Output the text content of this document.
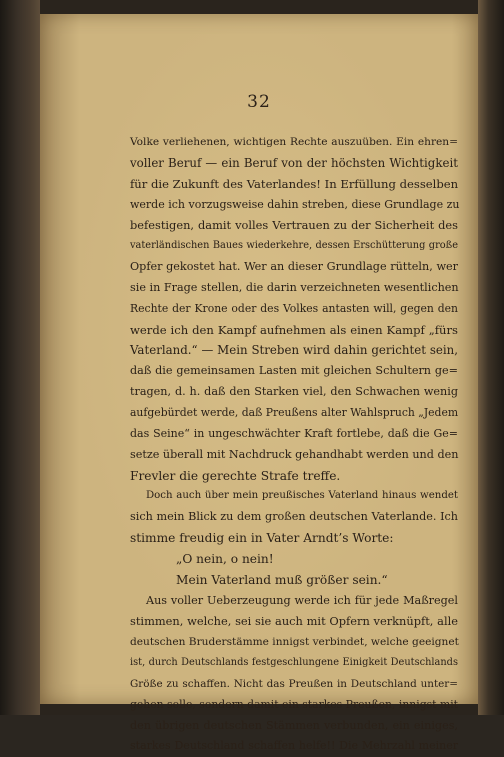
32
Volke verliehenen, wichtigen Rechte auszuüben. Ein ehren=
voller Beruf — ein Beruf von der höchsten Wichtigkeit
für die Zukunft des Vaterlandes! In Erfüllung desselben
werde ich vorzugsweise dahin streben, diese Grundlage zu
befestigen, damit volles Vertrauen zu der Sicherheit des
vaterländischen Baues wiederkehre, dessen Erschütterung große
Opfer gekostet hat. Wer an dieser Grundlage rütteln, wer
sie in Frage stellen, die darin verzeichneten wesentlichen
Rechte der Krone oder des Volkes antasten will, gegen den
werde ich den Kampf aufnehmen als einen Kampf „fürs
Vaterland.“ — Mein Streben wird dahin gerichtet sein,
daß die gemeinsamen Lasten mit gleichen Schultern ge=
tragen, d. h. daß den Starken viel, den Schwachen wenig
aufgebürdet werde, daß Preußens alter Wahlspruch „Jedem
das Seine“ in ungeschwächter Kraft fortlebe, daß die Ge=
setze überall mit Nachdruck gehandhabt werden und den
Frevler die gerechte Strafe treffe.
Doch auch über mein preußisches Vaterland hinaus wendet
sich mein Blick zu dem großen deutschen Vaterlande. Ich
stimme freudig ein in Vater Arndt’s Worte:
„O nein, o nein!
Mein Vaterland muß größer sein.“
Aus voller Ueberzeugung werde ich für jede Maßregel
stimmen, welche, sei sie auch mit Opfern verknüpft, alle
deutschen Bruderstämme innigst verbindet, welche geeignet
ist, durch Deutschlands festgeschlungene Einigkeit Deutschlands
Größe zu schaffen. Nicht das Preußen in Deutschland unter=
gehen solle, sondern damit ein starkes Preußen, innigst mit
den übrigen deutschen Stämmen verbunden, ein einiges,
starkes Deutschland schaffen helfe!! Die Mehrzahl meiner
